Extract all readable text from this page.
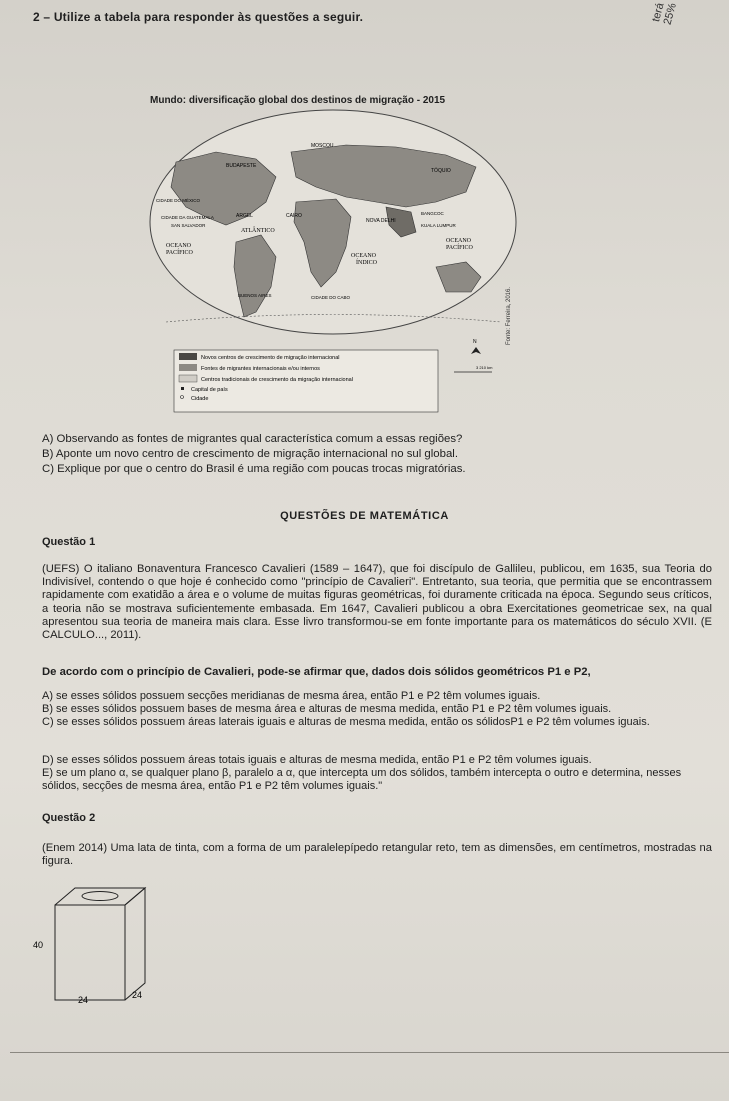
2 – Utilize a tabela para responder às questões a seguir.	terá
25%
Mundo: diversificação global dos destinos de migração - 2015
MOSCOU
BUDAPESTE
TÓQUIO
CIDADE DO MÉXICO
CIDADE DA GUATEMALA
SAN SALVADOR
ARGEL	CAIRO
NOVA DELHI
BANGCOC
KUALA LUMPUR
OCEANO
PACÍFICO
ATLÂNTICO
OCEANO
ÍNDICO
OCEANO
PACÍFICO
BUENOS AIRES	CIDADE DO CABO
Novos centros de crescimento de migração internacional
Fontes de migrantes internacionais e/ou internos
Centros tradicionais de crescimento da migração internacional
Capital de país
Cidade
N
3 210 km
Fonte: Ferreira, 2016.
A) Observando as fontes de migrantes qual característica comum a essas regiões?
B) Aponte um novo centro de crescimento de migração internacional no sul global.
C) Explique por que o centro do Brasil é uma região com poucas trocas migratórias.
QUESTÕES DE MATEMÁTICA
Questão 1
(UEFS) O italiano Bonaventura Francesco Cavalieri (1589 – 1647), que foi discípulo de Gallileu, publicou, em 1635, sua Teoria do Indivisível, contendo o que hoje é conhecido como "princípio de Cavalieri". Entretanto, sua teoria, que permitia que se encontrassem rapidamente com exatidão a área e o volume de muitas figuras geométricas, foi duramente criticada na época. Segundo seus críticos, a teoria não se mostrava suficientemente embasada. Em 1647, Cavalieri publicou a obra Exercitationes geometricae sex, na qual apresentou sua teoria de maneira mais clara. Esse livro transformou-se em fonte importante para os matemáticos do século XVII. (E CALCULO..., 2011).
De acordo com o princípio de Cavalieri, pode-se afirmar que, dados dois sólidos geométricos P1 e P2,
A) se esses sólidos possuem secções meridianas de mesma área, então P1 e P2 têm volumes iguais.
B) se esses sólidos possuem bases de mesma área e alturas de mesma medida, então P1 e P2 têm volumes iguais.
C) se esses sólidos possuem áreas laterais iguais e alturas de mesma medida, então os sólidosP1 e P2 têm volumes iguais.
D) se esses sólidos possuem áreas totais iguais e alturas de mesma medida, então P1 e P2 têm volumes iguais.
E) se um plano α, se qualquer plano β, paralelo a α, que intercepta um dos sólidos, também intercepta o outro e determina, nesses sólidos, secções de mesma área, então P1 e P2 têm volumes iguais."
Questão 2
(Enem 2014) Uma lata de tinta, com a forma de um paralelepípedo retangular reto, tem as dimensões, em centímetros, mostradas na figura.
40
24	24
